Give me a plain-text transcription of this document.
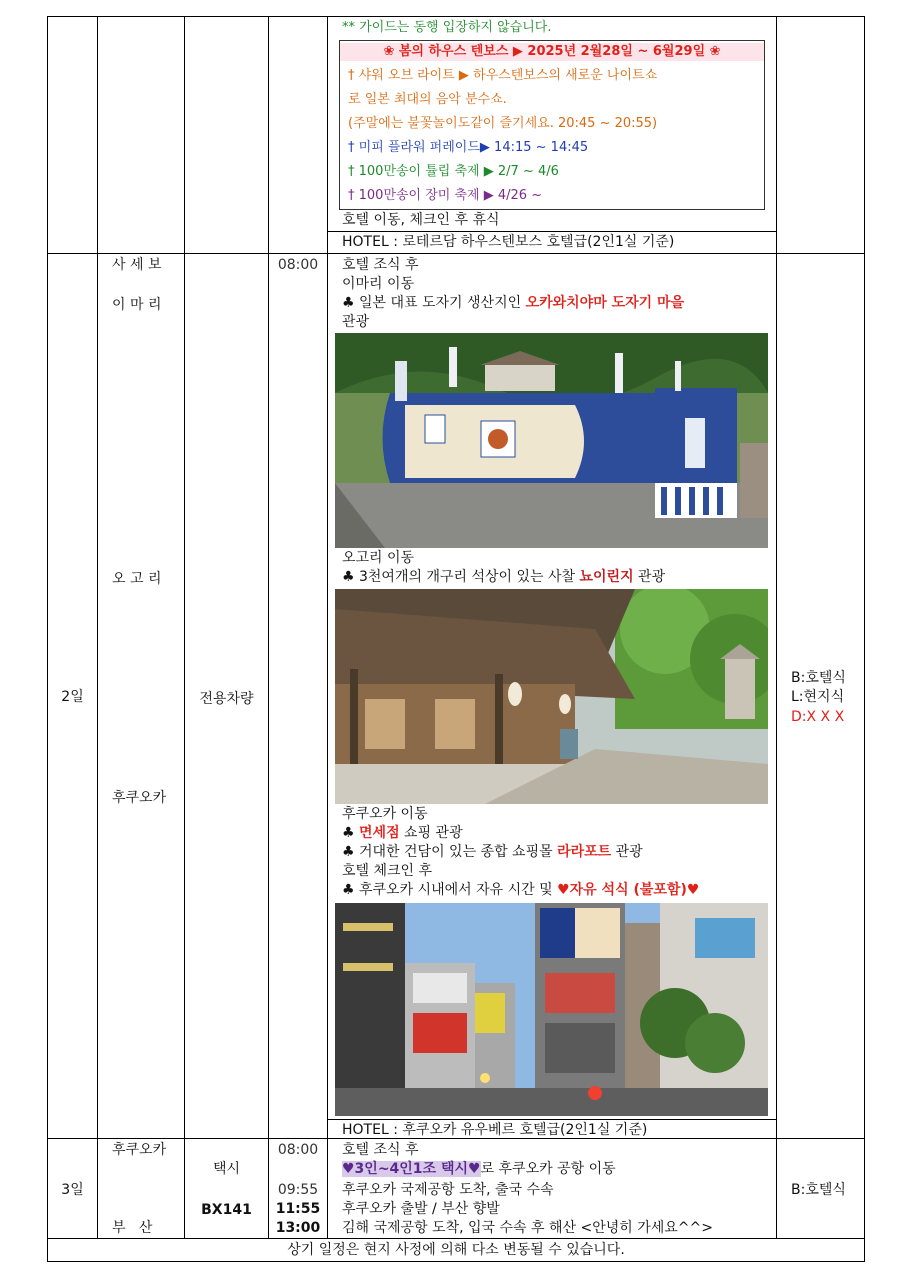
** 가이드는 동행 입장하지 않습니다.
❀ 봄의 하우스 텐보스 ▶ 2025년 2월28일 ~ 6월29일 ❀
† 샤워 오브 라이트 ▶ 하우스텐보스의 새로운 나이트쇼
로 일본 최대의 음악 분수쇼.
(주말에는 불꽃놀이도같이 즐기세요. 20:45 ~ 20:55)
† 미피 플라워 퍼레이드▶ 14:15 ~ 14:45
† 100만송이 튤립 축제 ▶ 2/7 ~ 4/6
† 100만송이 장미 축제 ▶ 4/26 ~
호텔 이동, 체크인 후 휴식
HOTEL : 로테르담 하우스텐보스 호텔급(2인1실 기준)
2일
사 세 보
이 마 리
오 고 리
후쿠오카
전용차량
08:00	호텔 조식 후
이마리 이동
♣ 일본 대표 도자기 생산지인 오카와치야마 도자기 마을
관광
오고리 이동
♣ 3천여개의 개구리 석상이 있는 사찰 뇨이린지 관광
후쿠오카 이동
♣ 면세점 쇼핑 관광
♣ 거대한 건담이 있는 종합 쇼핑몰 라라포트 관광
호텔 체크인 후
♣ 후쿠오카 시내에서 자유 시간 및 ♥자유 석식 (불포함)♥
HOTEL : 후쿠오카 유우베르 호텔급(2인1실 기준)
B:호텔식
L:현지식
D:X X X
3일
후쿠오카
부   산
택시
BX141
08:00
09:55
11:55
13:00
호텔 조식 후
♥3인~4인1조 택시♥로 후쿠오카 공항 이동
후쿠오카 국제공항 도착, 출국 수속
후쿠오카 출발 / 부산 향발
김해 국제공항 도착, 입국 수속 후 해산 <안녕히 가세요^^>
B:호텔식
상기 일정은 현지 사정에 의해 다소 변동될 수 있습니다.
